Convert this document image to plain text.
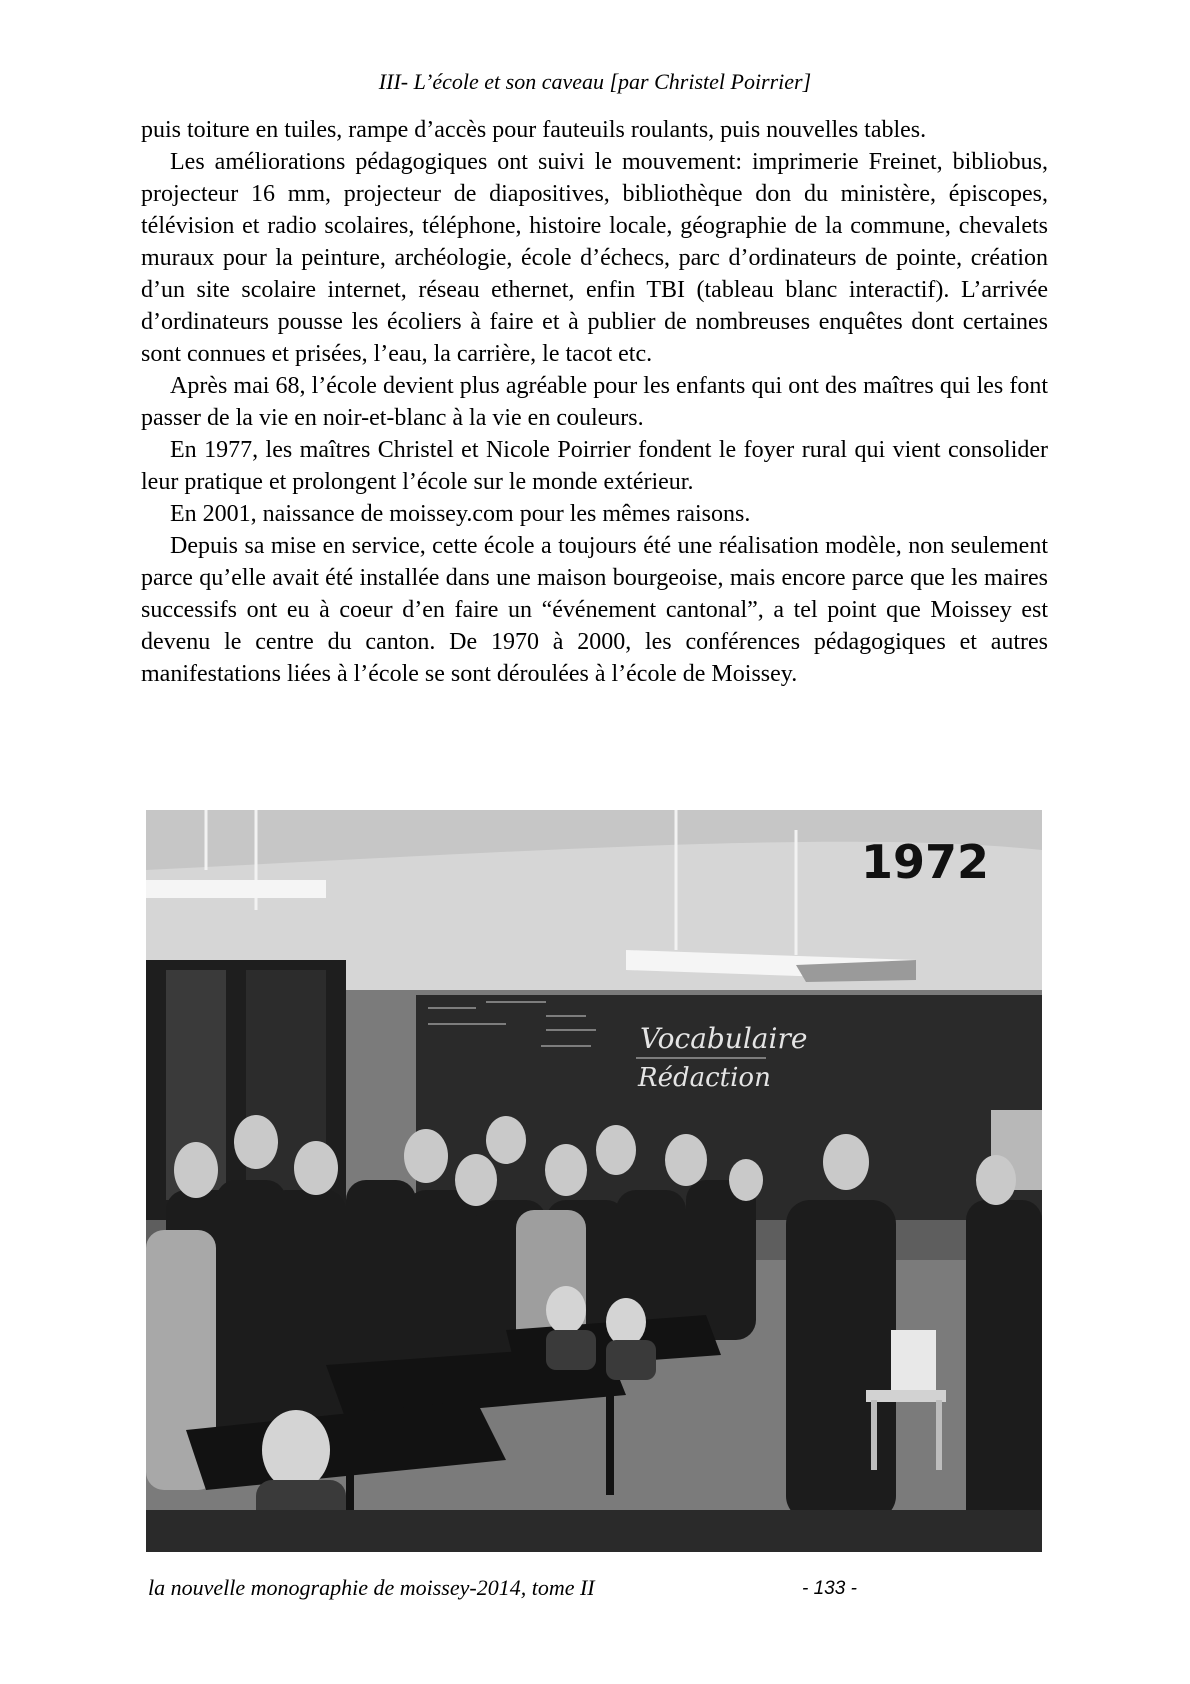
III- L’école et son caveau [par Christel Poirrier]

puis toiture en tuiles, rampe d’accès pour fauteuils roulants, puis nouvelles tables.

Les améliorations pédagogiques ont suivi le mouvement: imprimerie Freinet, bibliobus, projecteur 16 mm, projecteur de diapositives, bibliothèque don du ministère, épiscopes, télévision et radio scolaires, téléphone, histoire locale, géographie de la commune, chevalets muraux pour la peinture, archéologie, école d’échecs, parc d’ordinateurs de pointe, création d’un site scolaire internet, réseau ethernet, enfin TBI (tableau blanc interactif). L’arrivée d’ordinateurs pousse les écoliers à faire et à publier de nombreuses enquêtes dont certaines sont connues et prisées, l’eau, la carrière, le tacot etc.

Après mai 68, l’école devient plus agréable pour les enfants qui ont des maîtres qui les font passer de la vie en noir-et-blanc à la vie en couleurs.

En 1977, les maîtres Christel et Nicole Poirrier fondent le foyer rural qui vient consolider leur pratique et prolongent l’école sur le monde extérieur.

En 2001, naissance de moissey.com pour les mêmes raisons.

Depuis sa mise en service, cette école a toujours été une réalisation modèle, non seulement parce qu’elle avait été installée dans une maison bourgeoise, mais encore parce que les maires successifs ont eu à coeur d’en faire un “événement cantonal”, a tel point que Moissey est devenu le centre du canton. De 1970 à 2000, les conférences pédagogiques et autres manifestations liées à l’école se sont déroulées à l’école de Moissey.

Vocabulaire
Rédaction
1972
la nouvelle monographie de moissey-2014, tome II	- 133 -
